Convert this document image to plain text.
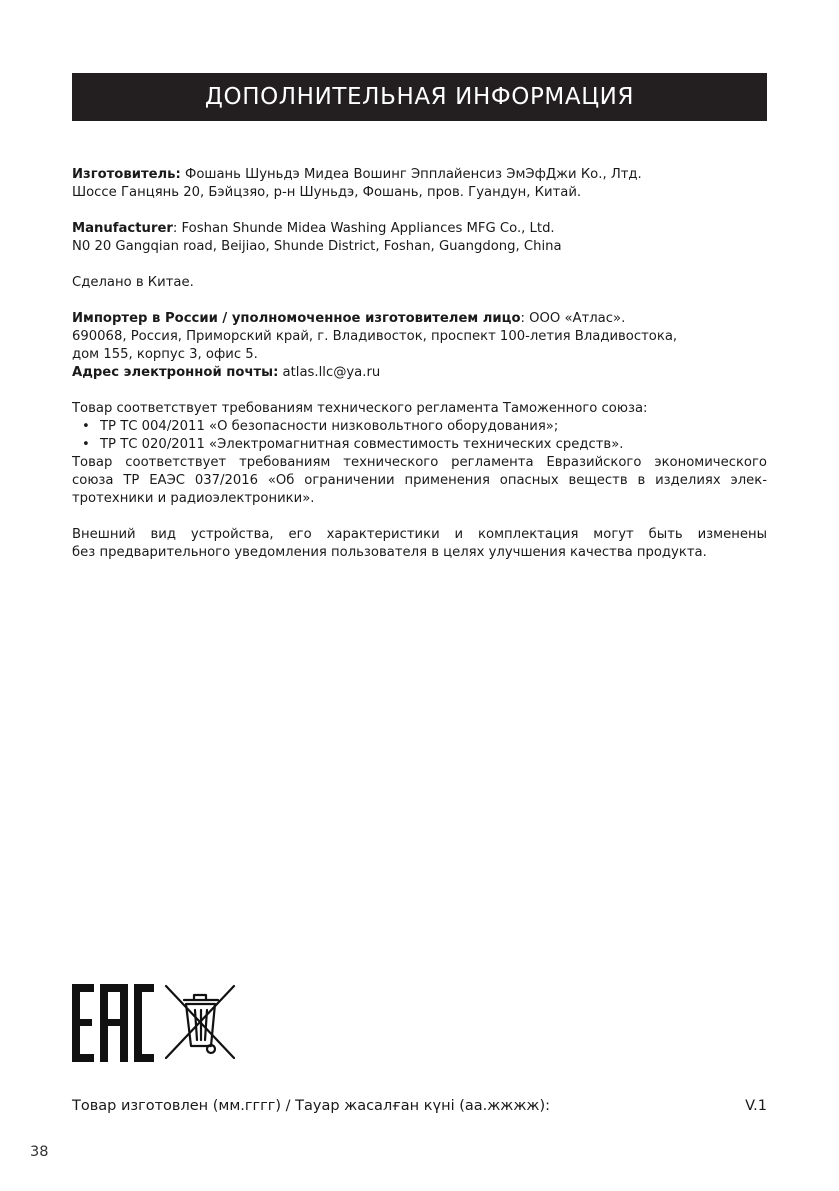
ДОПОЛНИТЕЛЬНАЯ ИНФОРМАЦИЯ

Изготовитель: Фошань Шуньдэ Мидеа Вошинг Эпплайенсиз ЭмЭфДжи Ко., Лтд.

Шоссе Ганцянь 20, Бэйцзяо, р-н Шуньдэ, Фошань, пров. Гуандун, Китай.

Manufacturer: Foshan Shunde Midea Washing Appliances MFG Co., Ltd.

N0 20 Gangqian road, Beijiao, Shunde District, Foshan, Guangdong, China

Сделано в Китае.

Импортер в России / уполномоченное изготовителем лицо: ООО «Атлас».

690068, Россия, Приморский край, г. Владивосток, проспект 100-летия Владивостока,

дом 155, корпус 3, офис 5.

Адрес электронной почты: atlas.llc@ya.ru

Товар соответствует требованиям технического регламента Таможенного союза:

• ТР ТС 004/2011 «О безопасности низковольтного оборудования»;
• ТР ТС 020/2011 «Электромагнитная совместимость технических средств».
Товар соответствует требованиям технического регламента Евразийского экономического
союза ТР ЕАЭС 037/2016 «Об ограничении применения опасных веществ в изделиях элек-

тротехники и радиоэлектроники».

Внешний вид устройства, его характеристики и комплектация могут быть изменены

без предварительного уведомления пользователя в целях улучшения качества продукта.

Товар изготовлен (мм.гггг) / Тауар жасалған күні (аа.жжжж):	V.1
38
